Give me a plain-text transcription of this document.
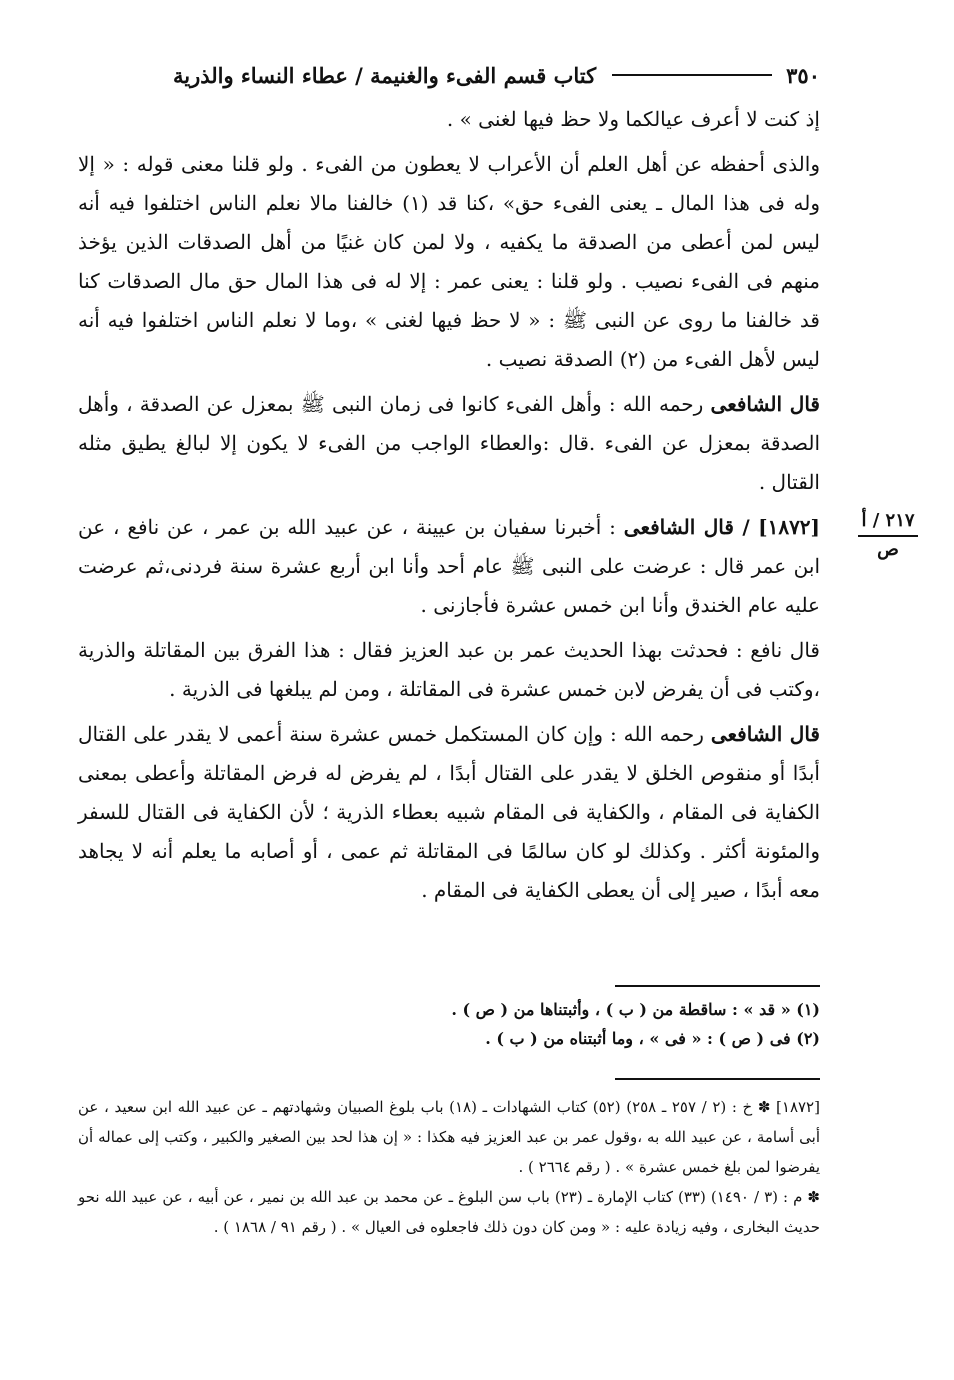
٣٥٠
كتاب قسم الفىء والغنيمة / عطاء النساء والذرية

إذ كنت لا أعرف عيالكما ولا حظ فيها لغنى » .

والذى أحفظه عن أهل العلم أن الأعراب لا يعطون من الفىء . ولو قلنا معنى قوله : « إلا وله فى هذا المال ـ يعنى الفىء حق» ،كنا قد (١) خالفنا مالا نعلم الناس اختلفوا فيه أنه ليس لمن أعطى من الصدقة ما يكفيه ، ولا لمن كان غنيًا من أهل الصدقات الذين يؤخذ منهم فى الفىء نصيب . ولو قلنا : يعنى عمر : إلا له فى هذا المال حق مال الصدقات كنا قد خالفنا ما روى عن النبى ﷺ : « لا حظ فيها لغنى » ،وما لا نعلم الناس اختلفوا فيه أنه ليس لأهل الفىء من (٢) الصدقة نصيب .

قال الشافعى رحمه الله : وأهل الفىء كانوا فى زمان النبى ﷺ بمعزل عن الصدقة ، وأهل الصدقة بمعزل عن الفىء .قال :والعطاء الواجب من الفىء لا يكون إلا لبالغ يطيق مثله القتال .

[١٨٧٢] / قال الشافعى : أخبرنا سفيان بن عيينة ، عن عبيد الله بن عمر ، عن نافع ، عن ابن عمر قال : عرضت على النبى ﷺ عام أحد وأنا ابن أربع عشرة سنة فردنى،ثم عرضت عليه عام الخندق وأنا ابن خمس عشرة فأجازنى .

قال نافع : فحدثت بهذا الحديث عمر بن عبد العزيز فقال : هذا الفرق بين المقاتلة والذرية ،وكتب فى أن يفرض لابن خمس عشرة فى المقاتلة ، ومن لم يبلغها فى الذرية .

قال الشافعى رحمه الله : وإن كان المستكمل خمس عشرة سنة أعمى لا يقدر على القتال أبدًا أو منقوص الخلق لا يقدر على القتال أبدًا ، لم يفرض له فرض المقاتلة وأعطى بمعنى الكفاية فى المقام ، والكفاية فى المقام شبيه بعطاء الذرية ؛ لأن الكفاية فى القتال للسفر والمئونة أكثر . وكذلك لو كان سالمًا فى المقاتلة ثم عمى ، أو أصابه ما يعلم أنه لا يجاهد معه أبدًا ، صير إلى أن يعطى الكفاية فى المقام .

٢١٧ / أ
ص

(١) « قد » : ساقطة من ( ب ) ، وأثبتناها من ( ص ) .

(٢) فى ( ص ) : « فى » ، وما أثبتناه من ( ب ) .

[١٨٧٢] ✽ خ : (٢ / ٢٥٧ ـ ٢٥٨) (٥٢) كتاب الشهادات ـ (١٨) باب بلوغ الصبيان وشهادتهم ـ عن عبيد الله ابن سعيد ، عن أبى أسامة ، عن عبيد الله به ،وقول عمر بن عبد العزيز فيه هكذا : « إن هذا لحد بين الصغير والكبير ، وكتب إلى عماله أن يفرضوا لمن بلغ خمس عشرة » . ( رقم ٢٦٦٤ ) .

✽ م : (٣ / ١٤٩٠) (٣٣) كتاب الإمارة ـ (٢٣) باب سن البلوغ ـ عن محمد بن عبد الله بن نمير ، عن أبيه ، عن عبيد الله نحو حديث البخارى ، وفيه زيادة عليه : « ومن كان دون ذلك فاجعلوه فى العيال » . ( رقم ٩١ / ١٨٦٨ ) .
